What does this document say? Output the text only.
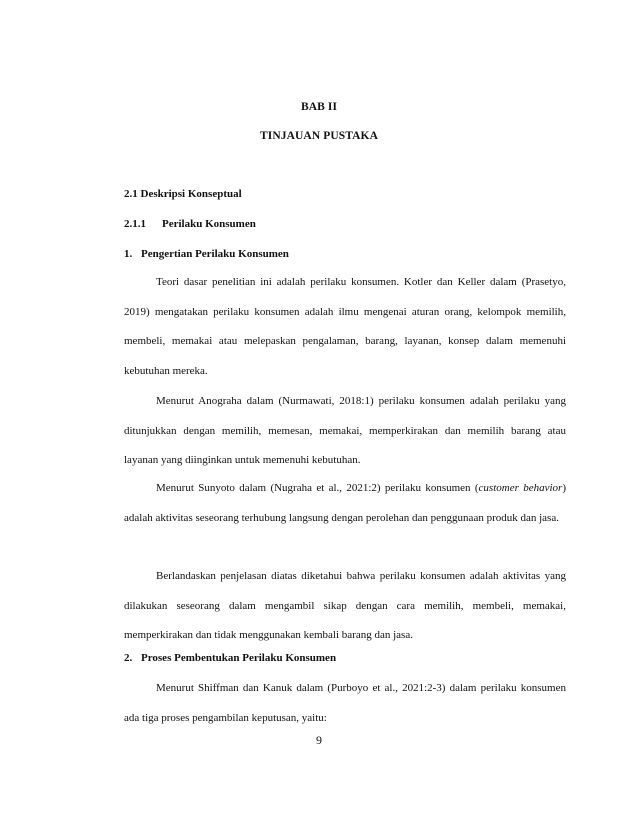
BAB II
TINJAUAN PUSTAKA
2.1 Deskripsi Konseptual
2.1.1 Perilaku Konsumen
1. Pengertian Perilaku Konsumen

Teori dasar penelitian ini adalah perilaku konsumen. Kotler dan Keller dalam (Prasetyo, 2019) mengatakan perilaku konsumen adalah ilmu mengenai aturan orang, kelompok memilih, membeli, memakai atau melepaskan pengalaman, barang, layanan, konsep dalam memenuhi kebutuhan mereka.

Menurut Anograha dalam (Nurmawati, 2018:1) perilaku konsumen adalah perilaku yang ditunjukkan dengan memilih, memesan, memakai, memperkirakan dan memilih barang atau layanan yang diinginkan untuk memenuhi kebutuhan.

Menurut Sunyoto dalam (Nugraha et al., 2021:2) perilaku konsumen (customer behavior) adalah aktivitas seseorang terhubung langsung dengan perolehan dan penggunaan produk dan jasa.

Berlandaskan penjelasan diatas diketahui bahwa perilaku konsumen adalah aktivitas yang dilakukan seseorang dalam mengambil sikap dengan cara memilih, membeli, memakai, memperkirakan dan tidak menggunakan kembali barang dan jasa.

2. Proses Pembentukan Perilaku Konsumen

Menurut Shiffman dan Kanuk dalam (Purboyo et al., 2021:2-3) dalam perilaku konsumen ada tiga proses pengambilan keputusan, yaitu:

9
